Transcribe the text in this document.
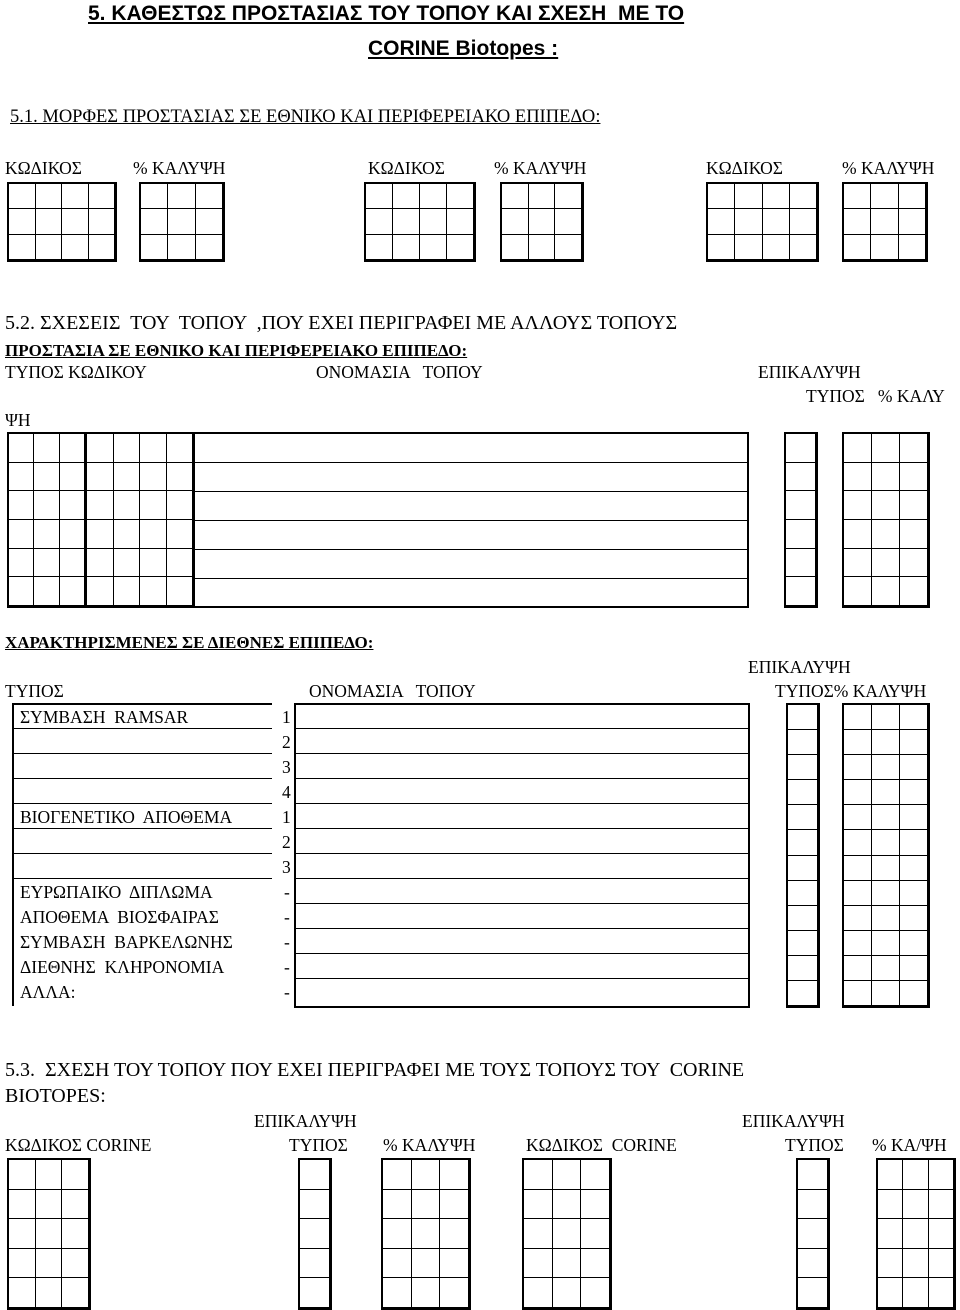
5. ΚΑΘΕΣΤΩΣ ΠΡΟΣΤΑΣΙΑΣ ΤΟΥ ΤΟΠΟΥ ΚΑΙ ΣΧΕΣΗ  ΜΕ ΤΟ
CORINE Biotopes :
5.1. ΜΟΡΦΕΣ ΠΡΟΣΤΑΣΙΑΣ ΣΕ ΕΘΝΙΚΟ ΚΑΙ ΠΕΡΙΦΕΡΕΙΑΚΟ ΕΠΙΠΕΔΟ:
ΚΩΔΙΚΟΣ	% ΚΑΛΥΨΗ	ΚΩΔΙΚΟΣ	% ΚΑΛΥΨΗ	ΚΩΔΙΚΟΣ	% ΚΑΛΥΨΗ
5.2. ΣΧΕΣΕΙΣ  ΤΟΥ  ΤΟΠΟΥ  ,ΠΟΥ ΕΧΕΙ ΠΕΡΙΓΡΑΦΕΙ ΜΕ ΑΛΛΟΥΣ ΤΟΠΟΥΣ
ΠΡΟΣΤΑΣΙΑ ΣΕ ΕΘΝΙΚΟ ΚΑΙ ΠΕΡΙΦΕΡΕΙΑΚΟ ΕΠΙΠΕΔΟ:
ΤΥΠΟΣ ΚΩΔΙΚΟΥ	ΟΝΟΜΑΣΙΑ   ΤΟΠΟΥ	ΕΠΙΚΑΛΥΨΗ
ΤΥΠΟΣ   % ΚΑΛΥ
ΨΗ
ΧΑΡΑΚΤΗΡΙΣΜΕΝΕΣ ΣΕ ΔΙΕΘΝΕΣ ΕΠΙΠΕΔΟ:
ΕΠΙΚΑΛΥΨΗ
ΤΥΠΟΣ	ΟΝΟΜΑΣΙΑ   ΤΟΠΟΥ	ΤΥΠΟΣ% ΚΑΛΥΨΗ
ΣΥΜΒΑΣΗ  RAMSAR	1
2
3
4
ΒΙΟΓΕΝΕΤΙΚΟ  ΑΠΟΘΕΜΑ	1
2
3
ΕΥΡΩΠΑΙΚΟ  ΔΙΠΛΩΜΑ	-
ΑΠΟΘΕΜΑ  ΒΙΟΣΦΑΙΡΑΣ	-
ΣΥΜΒΑΣΗ  ΒΑΡΚΕΛΩΝΗΣ	-
ΔΙΕΘΝΗΣ  ΚΛΗΡΟΝΟΜΙΑ	-
ΑΛΛΑ:	-
5.3.  ΣΧΕΣΗ ΤΟΥ ΤΟΠΟΥ ΠΟΥ ΕΧΕΙ ΠΕΡΙΓΡΑΦΕΙ ΜΕ ΤΟΥΣ ΤΟΠΟΥΣ ΤΟΥ  CORINE
BIOTOPES:
ΕΠΙΚΑΛΥΨΗ	ΕΠΙΚΑΛΥΨΗ
ΚΩΔΙΚΟΣ CORINE	ΤΥΠΟΣ % ΚΑΛΥΨΗ	ΚΩΔΙΚΟΣ  CORINE	ΤΥΠΟΣ % ΚΑ/ΨΗ
